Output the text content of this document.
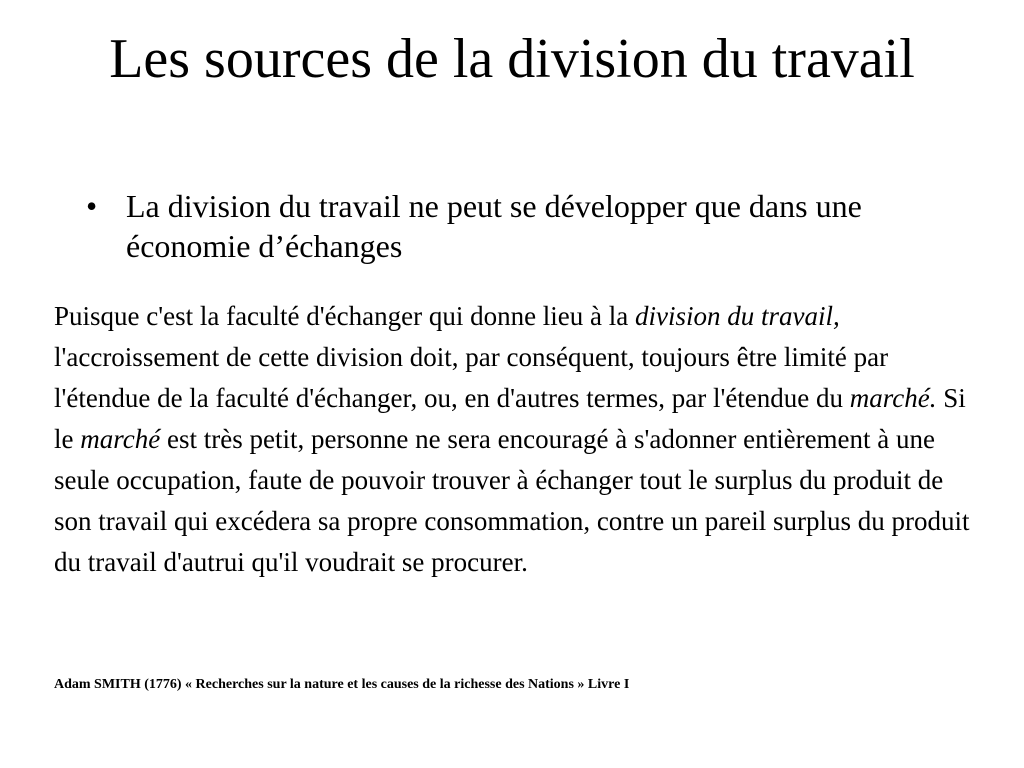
Les sources de la division du travail
• La division du travail ne peut se développer que dans une économie d’échanges

Puisque c'est la faculté d'échanger qui donne lieu à la division du travail, l'accroissement de cette division doit, par conséquent, toujours être limité par l'étendue de la faculté d'échanger, ou, en d'autres termes, par l'étendue du marché. Si le marché est très petit, personne ne sera encouragé à s'adonner entièrement à une seule occupation, faute de pouvoir trouver à échanger tout le surplus du produit de son travail qui excédera sa propre consommation, contre un pareil surplus du produit du travail d'autrui qu'il voudrait se procurer.

Adam SMITH (1776) « Recherches sur la nature et les causes de la richesse des Nations » Livre I
